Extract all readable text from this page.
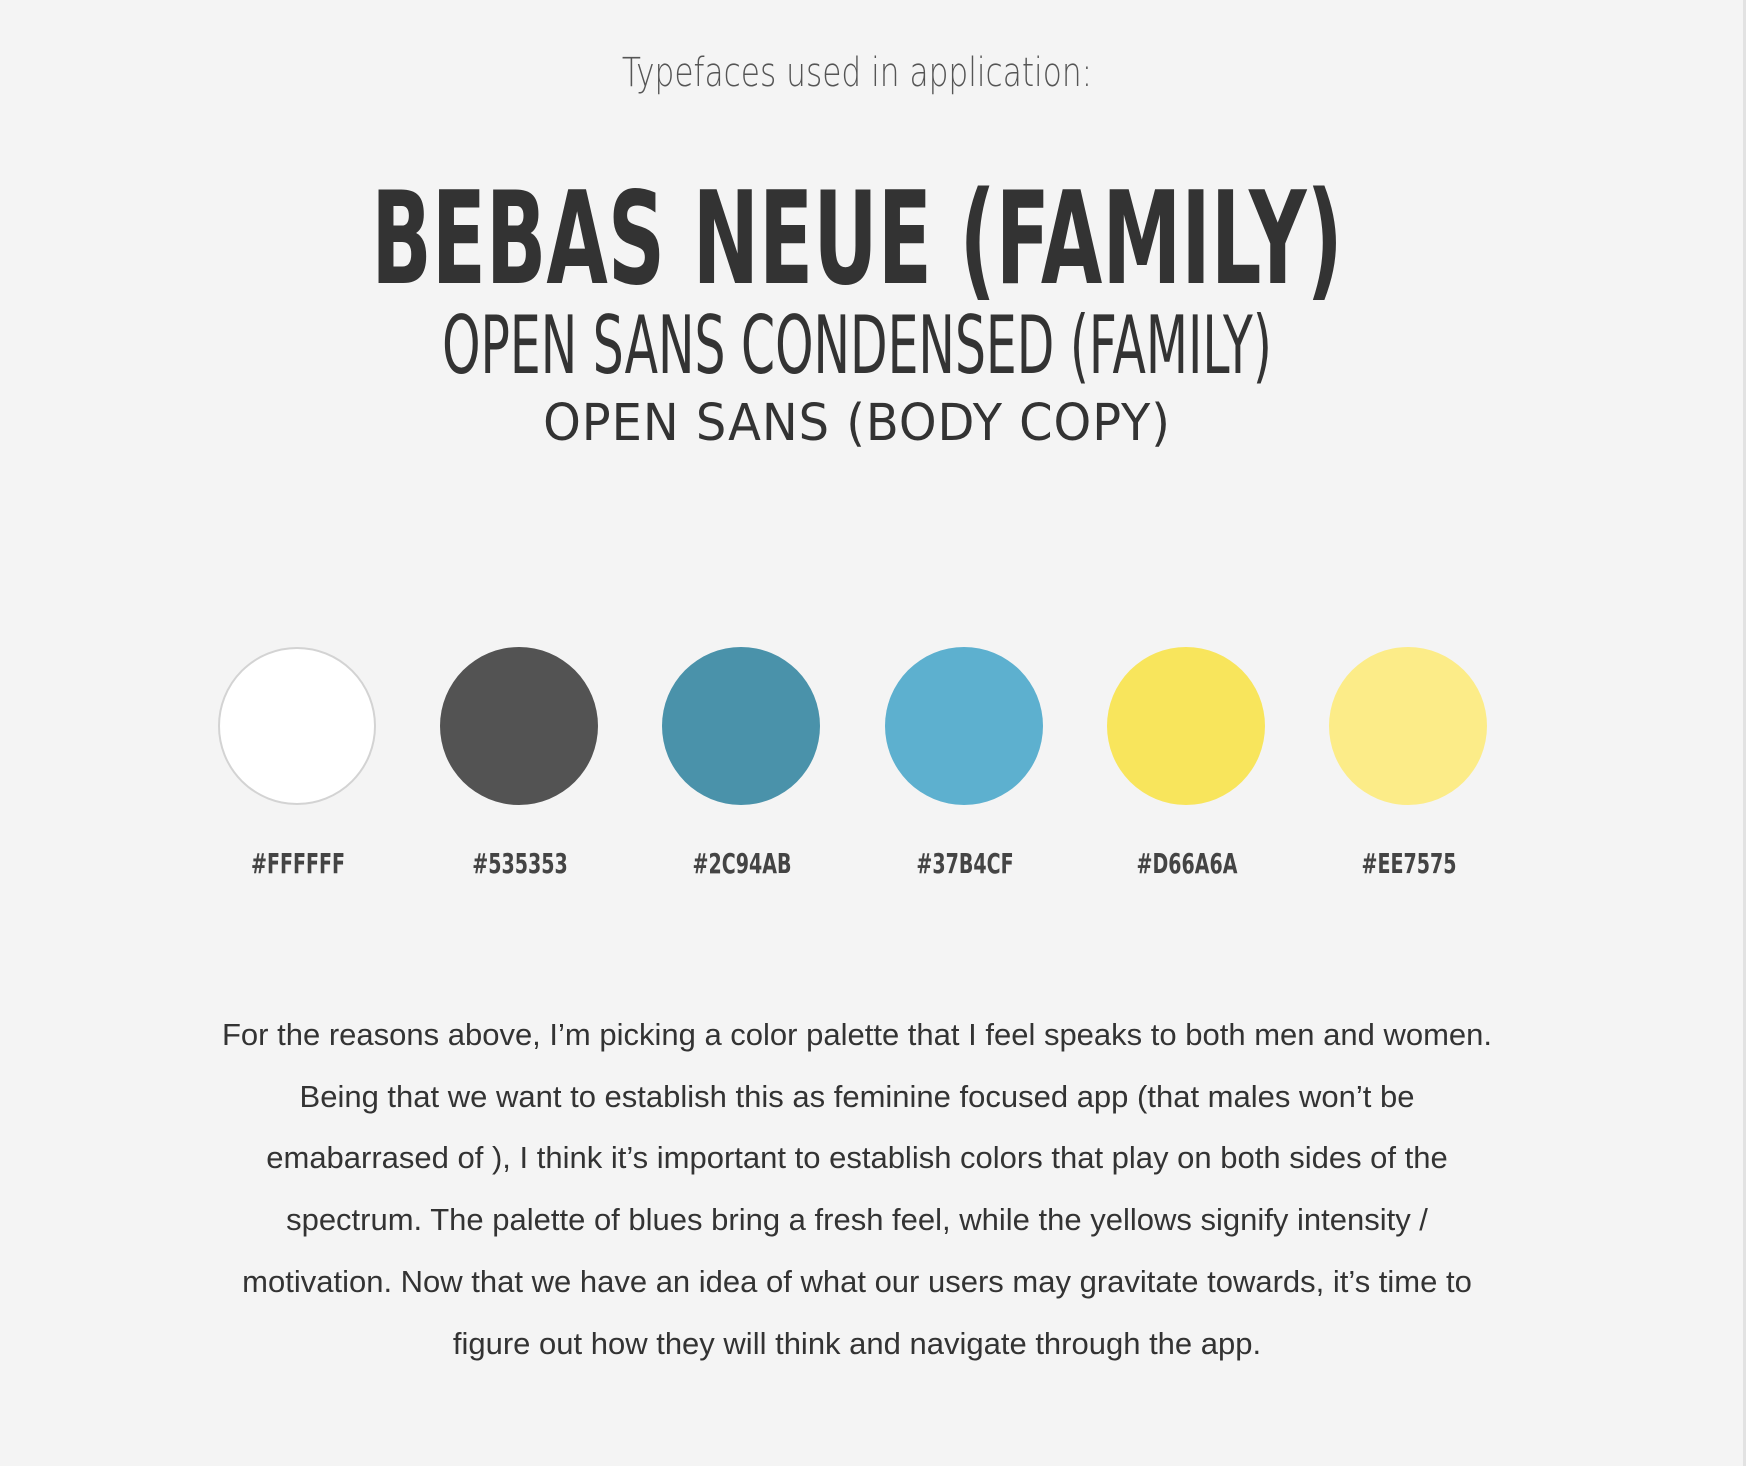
Typefaces used in application:
BEBAS NEUE (FAMILY)
OPEN SANS CONDENSED (FAMILY)
OPEN SANS (BODY COPY)
#FFFFFF	#535353	#2C94AB	#37B4CF	#D66A6A	#EE7575

For the reasons above, I’m picking a color palette that I feel speaks to both men and women. Being that we want to establish this as feminine focused app (that males won’t be emabarrased of ), I think it’s important to establish colors that play on both sides of the spectrum. The palette of blues bring a fresh feel, while the yellows signify intensity / motivation. Now that we have an idea of what our users may gravitate towards, it’s time to figure out how they will think and navigate through the app.
